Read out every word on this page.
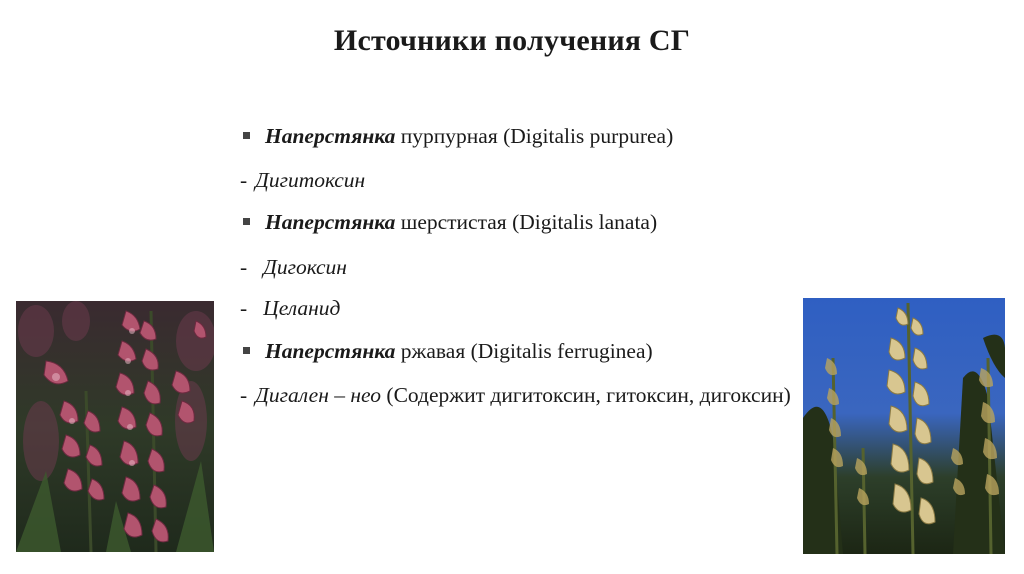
Источники получения СГ
Наперстянка пурпурная (Digitalis purpurea)
- Дигитоксин
Наперстянка шерстистая (Digitalis lanata)
- Дигоксин
- Целанид
Наперстянка ржавая (Digitalis ferruginea)
- Дигален – нео (Содержит дигитоксин, гитоксин, дигоксин)
